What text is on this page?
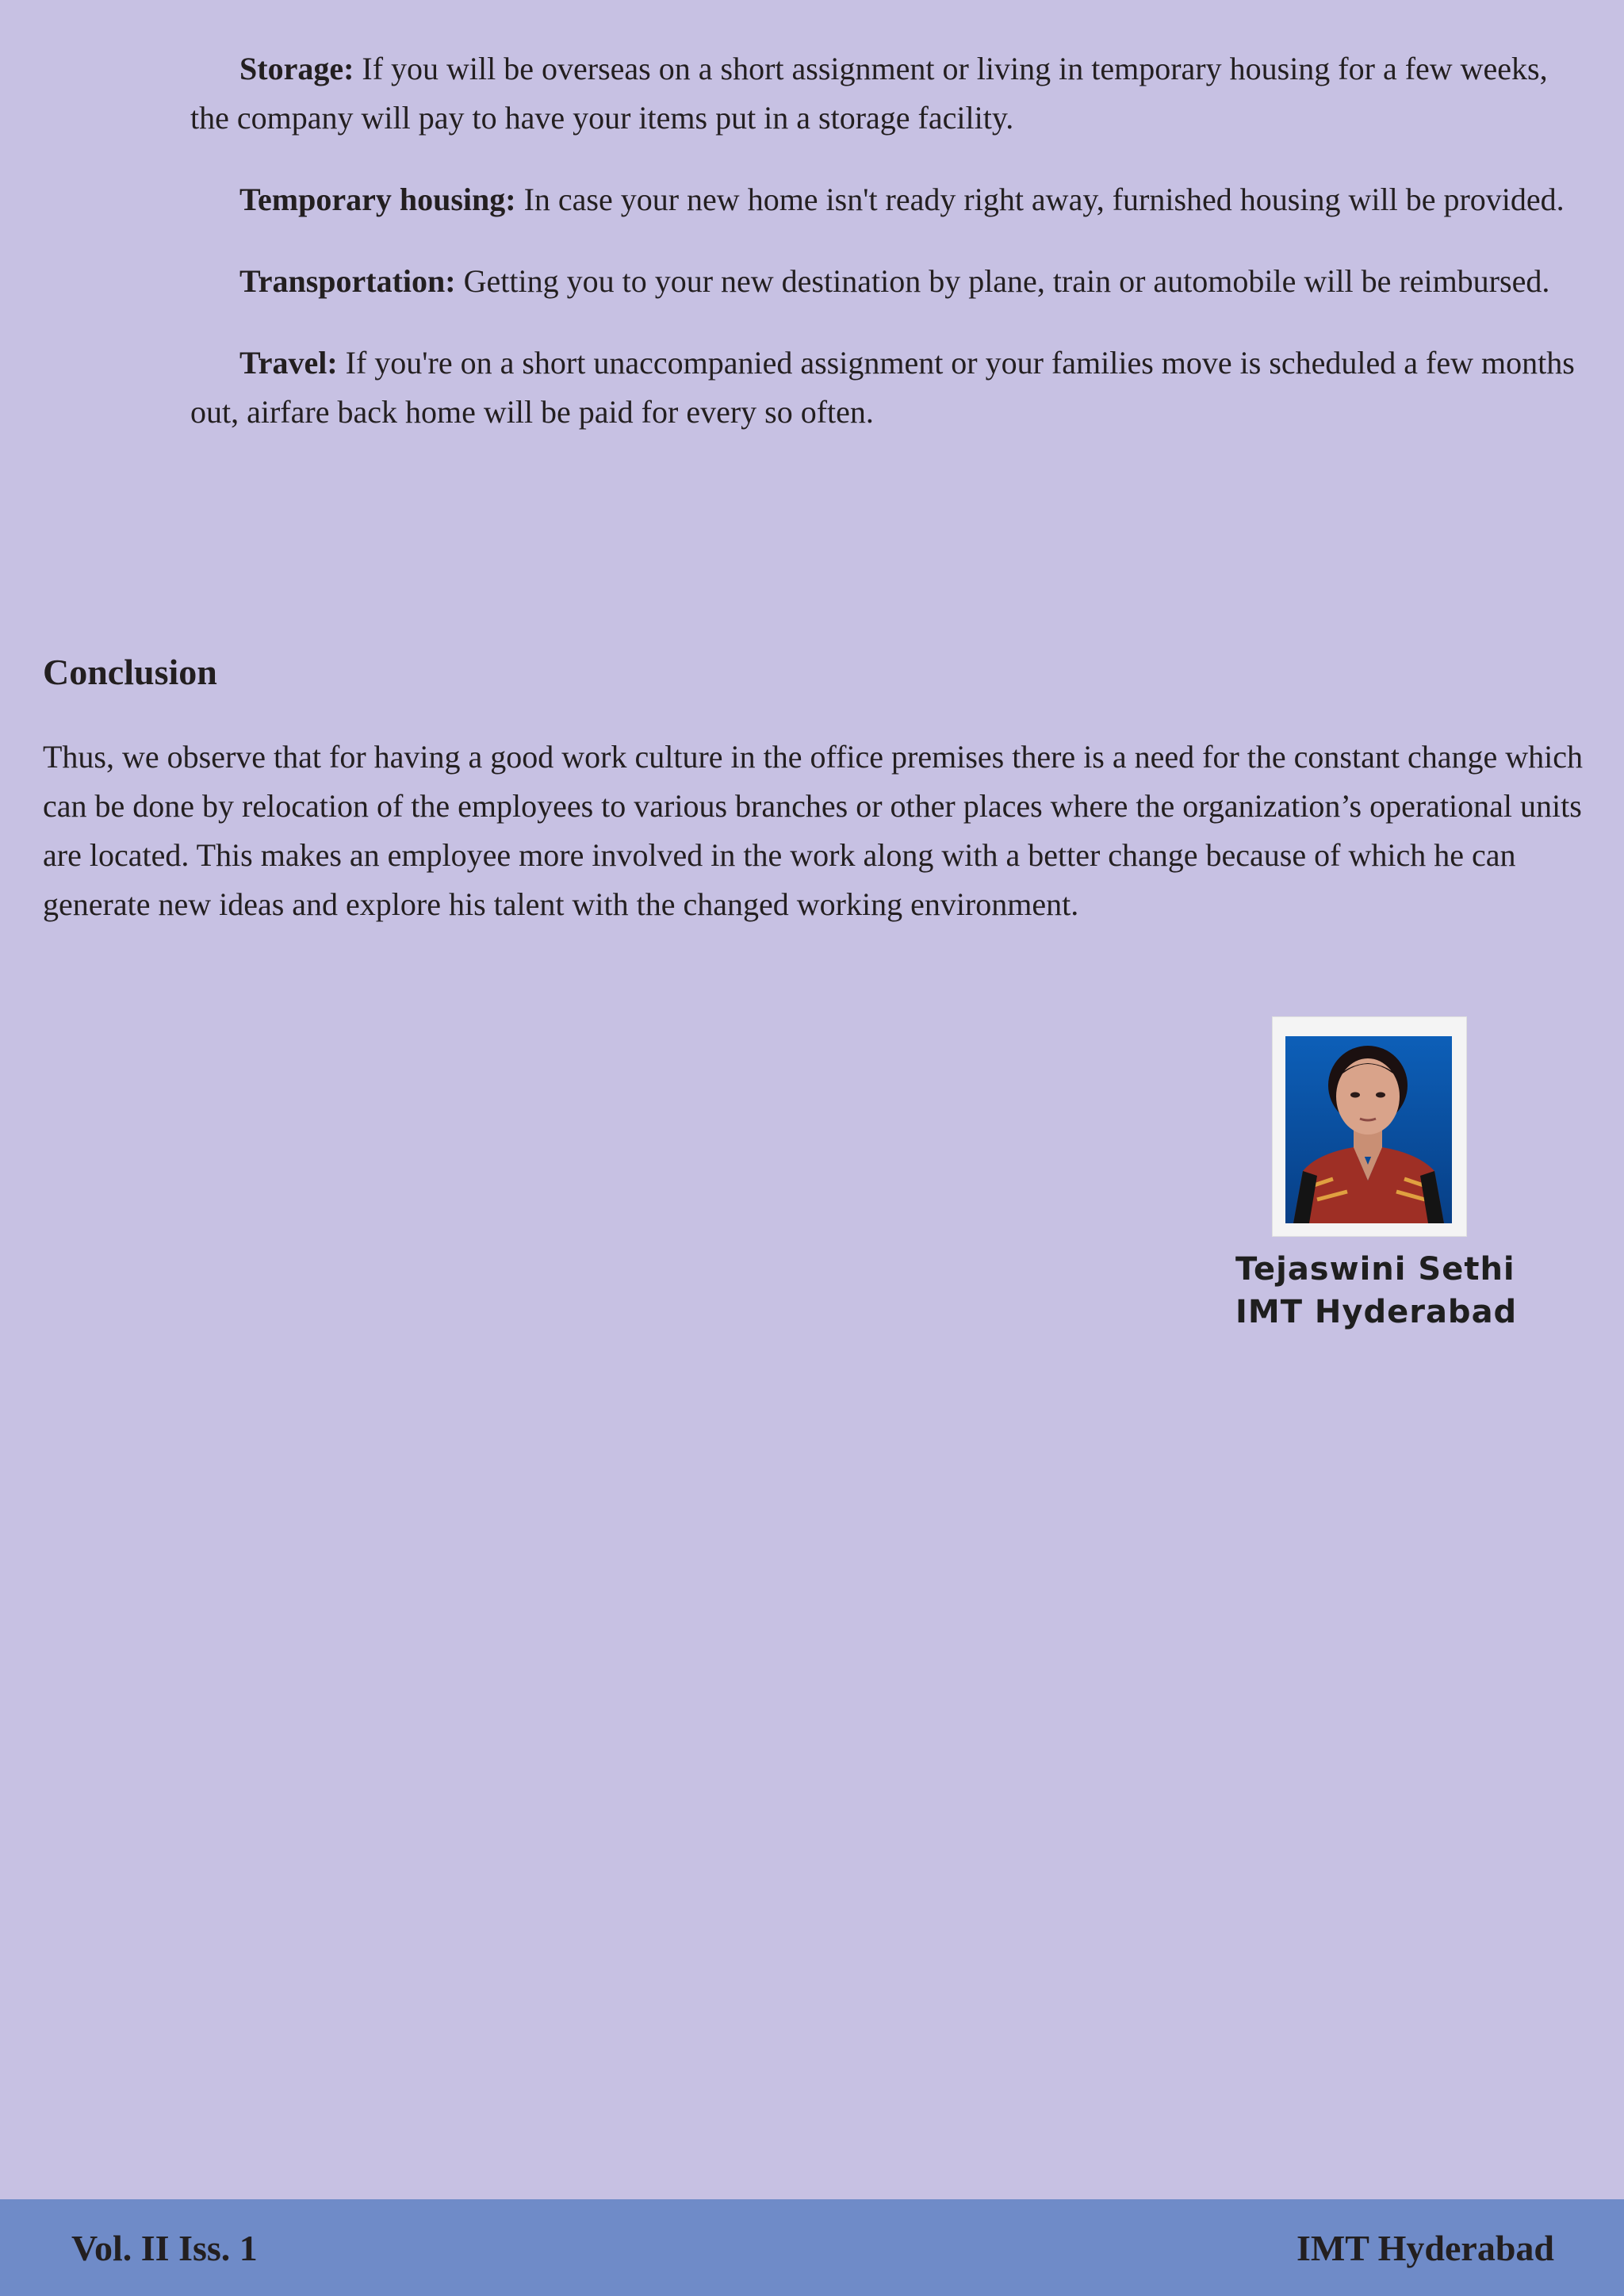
Storage: If you will be overseas on a short assignment or living in temporary housing for a few weeks, the company will pay to have your items put in a storage facility.

Temporary housing: In case your new home isn't ready right away, furnished housing will be provided.

Transportation: Getting you to your new destination by plane, train or automobile will be reimbursed.

Travel: If you're on a short unaccompanied assignment or your families move is scheduled a few months out, airfare back home will be paid for every so often.

Conclusion

Thus, we observe that for having a good work culture in the office premises there is a need for the constant change which can be done by relocation of the employees to various branches or other places where the organization’s operational units are located. This makes an employee more involved in the work along with a better change because of which he can generate new ideas and explore his talent with the changed working environment.

Tejaswini Sethi
IMT Hyderabad
Vol. II Iss. 1	IMT Hyderabad
